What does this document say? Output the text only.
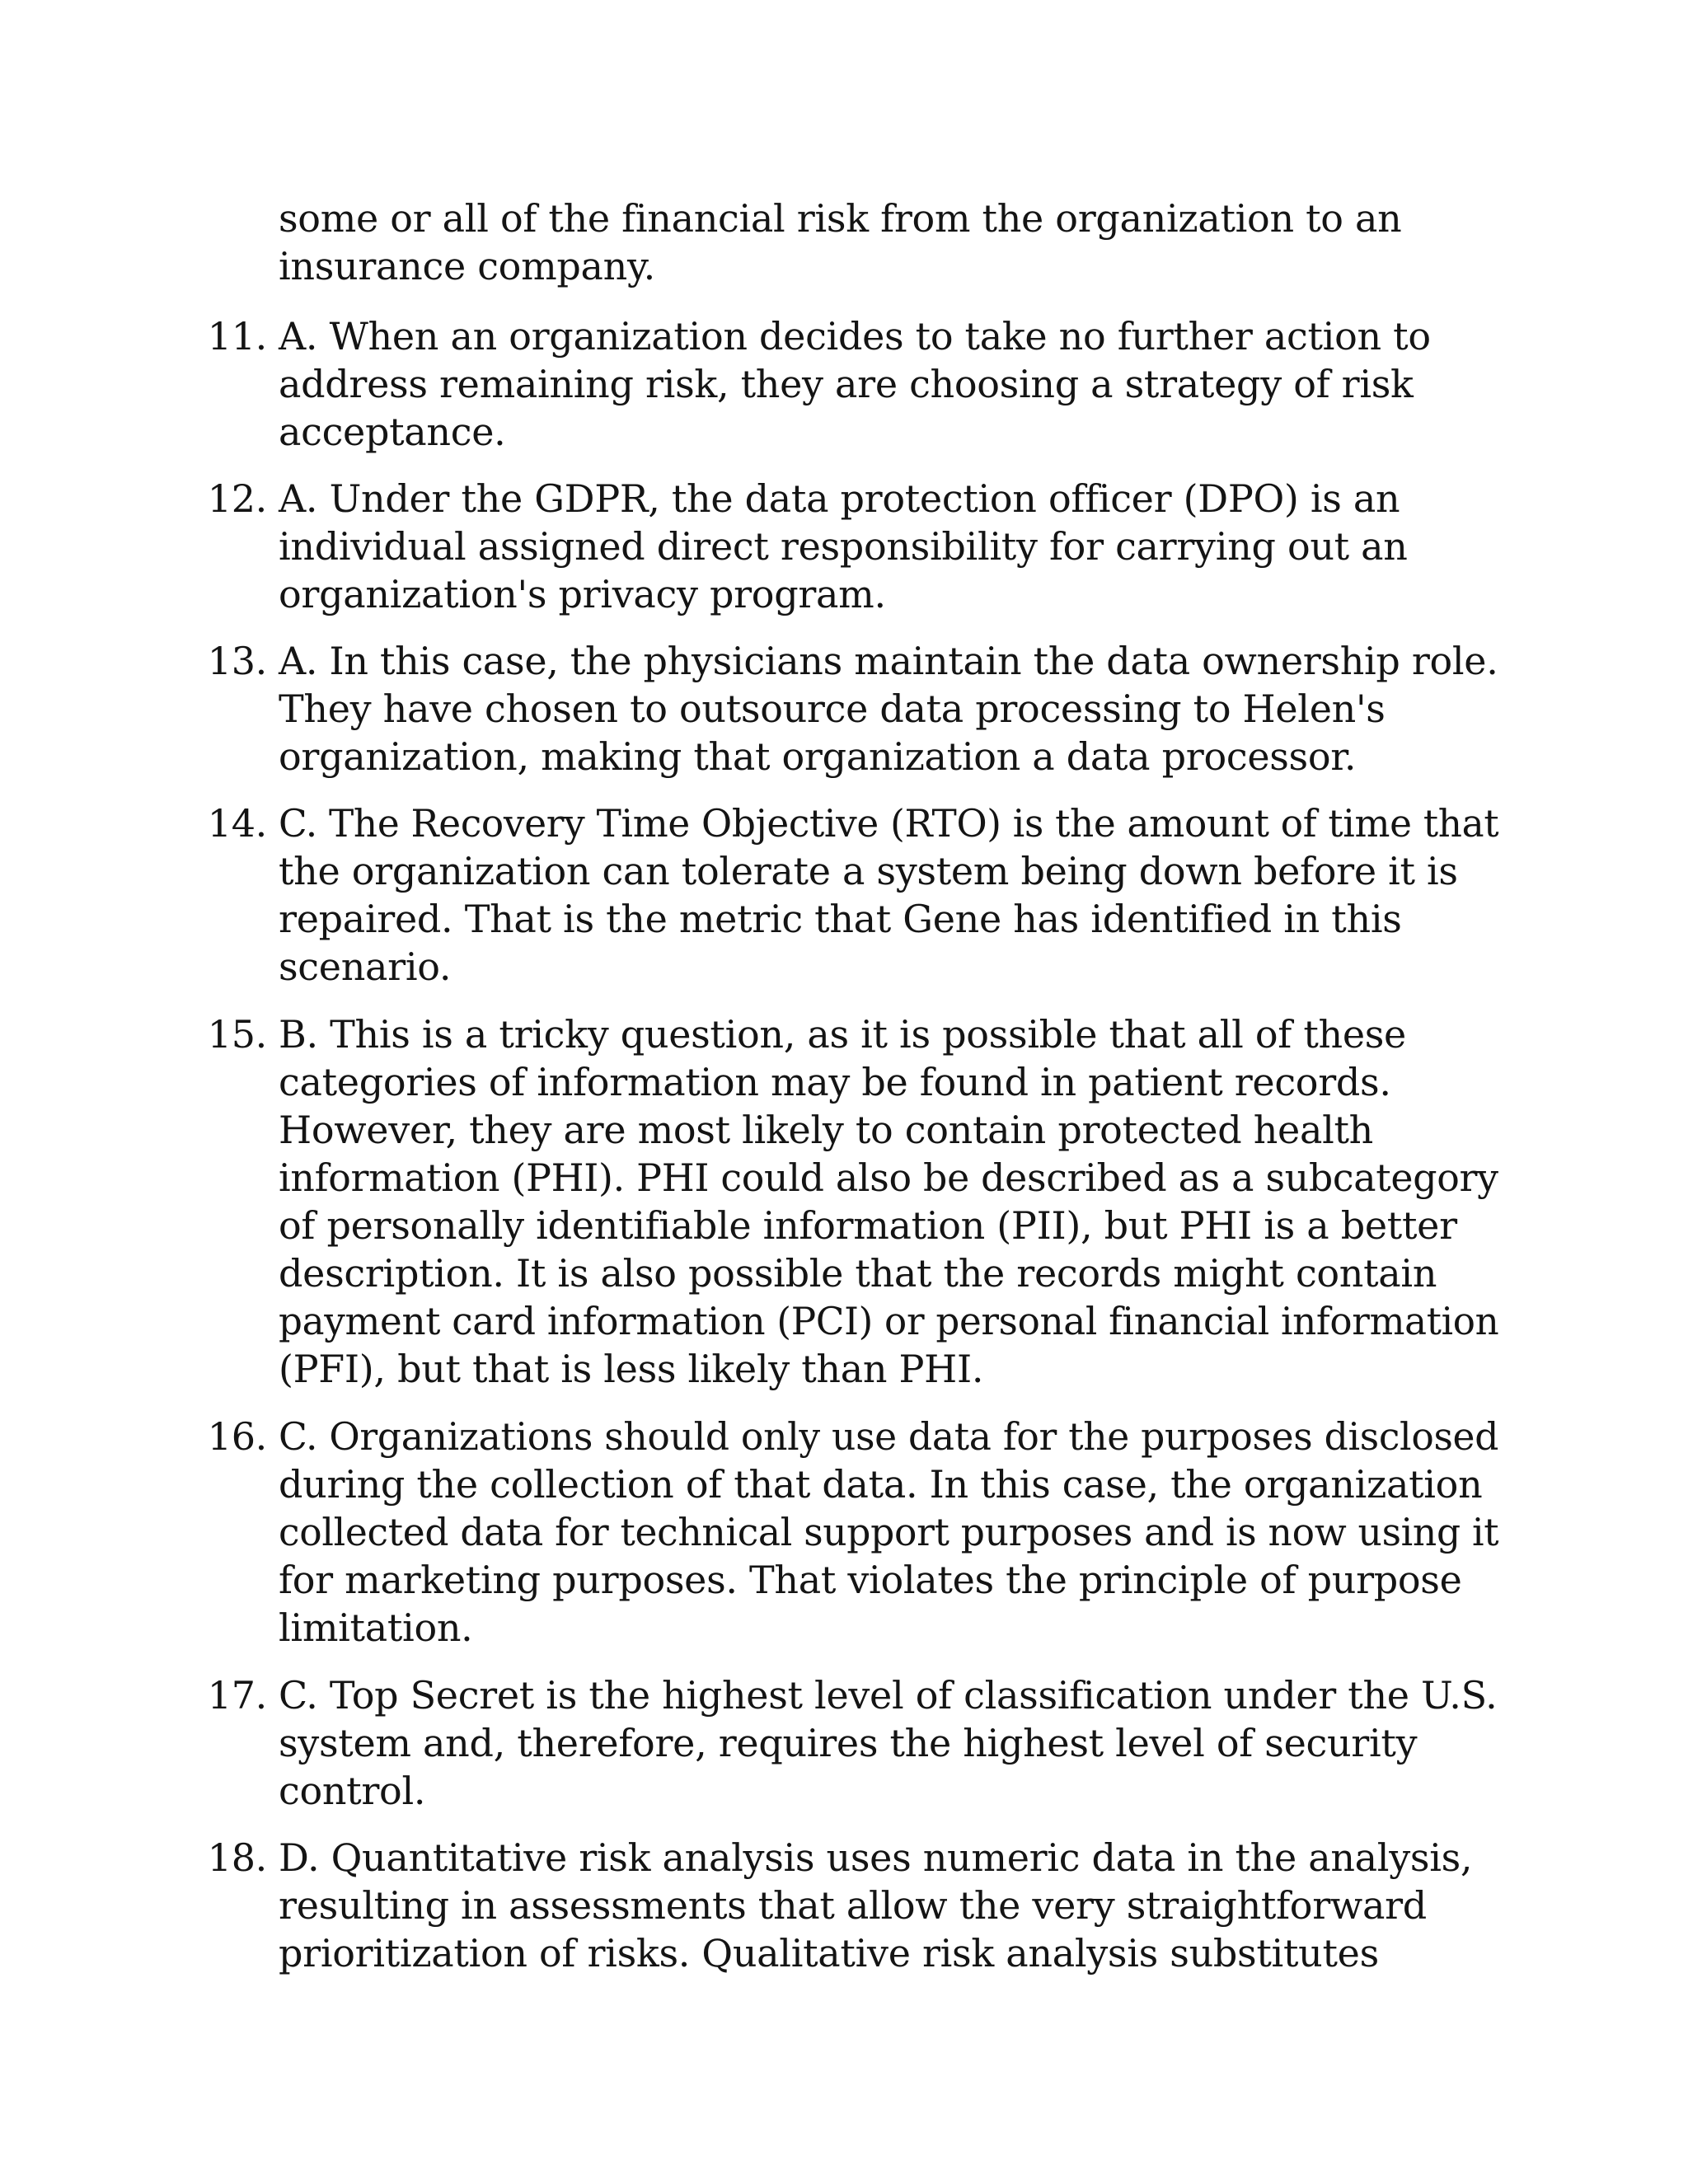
some or all of the financial risk from the organization to an
insurance company.
11. A. When an organization decides to take no further action to
address remaining risk, they are choosing a strategy of risk
acceptance.
12. A. Under the GDPR, the data protection officer (DPO) is an
individual assigned direct responsibility for carrying out an
organization's privacy program.
13. A. In this case, the physicians maintain the data ownership role.
They have chosen to outsource data processing to Helen's
organization, making that organization a data processor.
14. C. The Recovery Time Objective (RTO) is the amount of time that
the organization can tolerate a system being down before it is
repaired. That is the metric that Gene has identified in this
scenario.
15. B. This is a tricky question, as it is possible that all of these
categories of information may be found in patient records.
However, they are most likely to contain protected health
information (PHI). PHI could also be described as a subcategory
of personally identifiable information (PII), but PHI is a better
description. It is also possible that the records might contain
payment card information (PCI) or personal financial information
(PFI), but that is less likely than PHI.
16. C. Organizations should only use data for the purposes disclosed
during the collection of that data. In this case, the organization
collected data for technical support purposes and is now using it
for marketing purposes. That violates the principle of purpose
limitation.
17. C. Top Secret is the highest level of classification under the U.S.
system and, therefore, requires the highest level of security
control.
18. D. Quantitative risk analysis uses numeric data in the analysis,
resulting in assessments that allow the very straightforward
prioritization of risks. Qualitative risk analysis substitutes
